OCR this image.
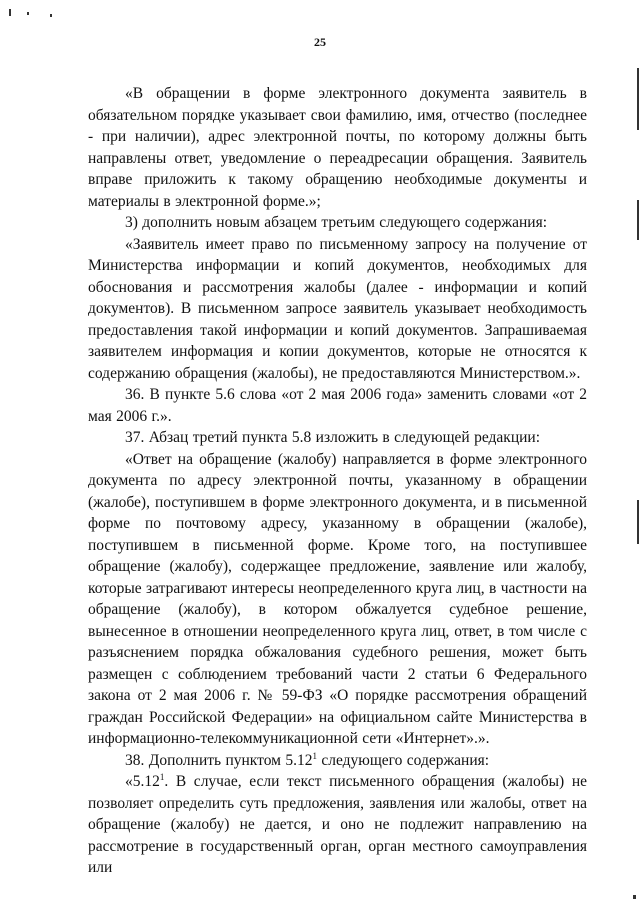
25

«В обращении в форме электронного документа заявитель в обязательном порядке указывает свои фамилию, имя, отчество (последнее - при наличии), адрес электронной почты, по которому должны быть направлены ответ, уведомление о переадресации обращения. Заявитель вправе приложить к такому обращению необходимые документы и материалы в электронной форме.»;

3) дополнить новым абзацем третьим следующего содержания:

«Заявитель имеет право по письменному запросу на получение от Министерства информации и копий документов, необходимых для обоснования и рассмотрения жалобы (далее - информации и копий документов). В письменном запросе заявитель указывает необходимость предоставления такой информации и копий документов. Запрашиваемая заявителем информация и копии документов, которые не относятся к содержанию обращения (жалобы), не предоставляются Министерством.».

36. В пункте 5.6 слова «от 2 мая 2006 года» заменить словами «от 2 мая 2006 г.».

37. Абзац третий пункта 5.8 изложить в следующей редакции:

«Ответ на обращение (жалобу) направляется в форме электронного документа по адресу электронной почты, указанному в обращении (жалобе), поступившем в форме электронного документа, и в письменной форме по почтовому адресу, указанному в обращении (жалобе), поступившем в письменной форме. Кроме того, на поступившее обращение (жалобу), содержащее предложение, заявление или жалобу, которые затрагивают интересы неопределенного круга лиц, в частности на обращение (жалобу), в котором обжалуется судебное решение, вынесенное в отношении неопределенного круга лиц, ответ, в том числе с разъяснением порядка обжалования судебного решения, может быть размещен с соблюдением требований части 2 статьи 6 Федерального закона от 2 мая 2006 г. № 59-ФЗ «О порядке рассмотрения обращений граждан Российской Федерации» на официальном сайте Министерства в информационно-телекоммуникационной сети «Интернет».».

38. Дополнить пунктом 5.12$^1$ следующего содержания:

«5.12$^1$. В случае, если текст письменного обращения (жалобы) не позволяет определить суть предложения, заявления или жалобы, ответ на обращение (жалобу) не дается, и оно не подлежит направлению на рассмотрение в государственный орган, орган местного самоуправления или
